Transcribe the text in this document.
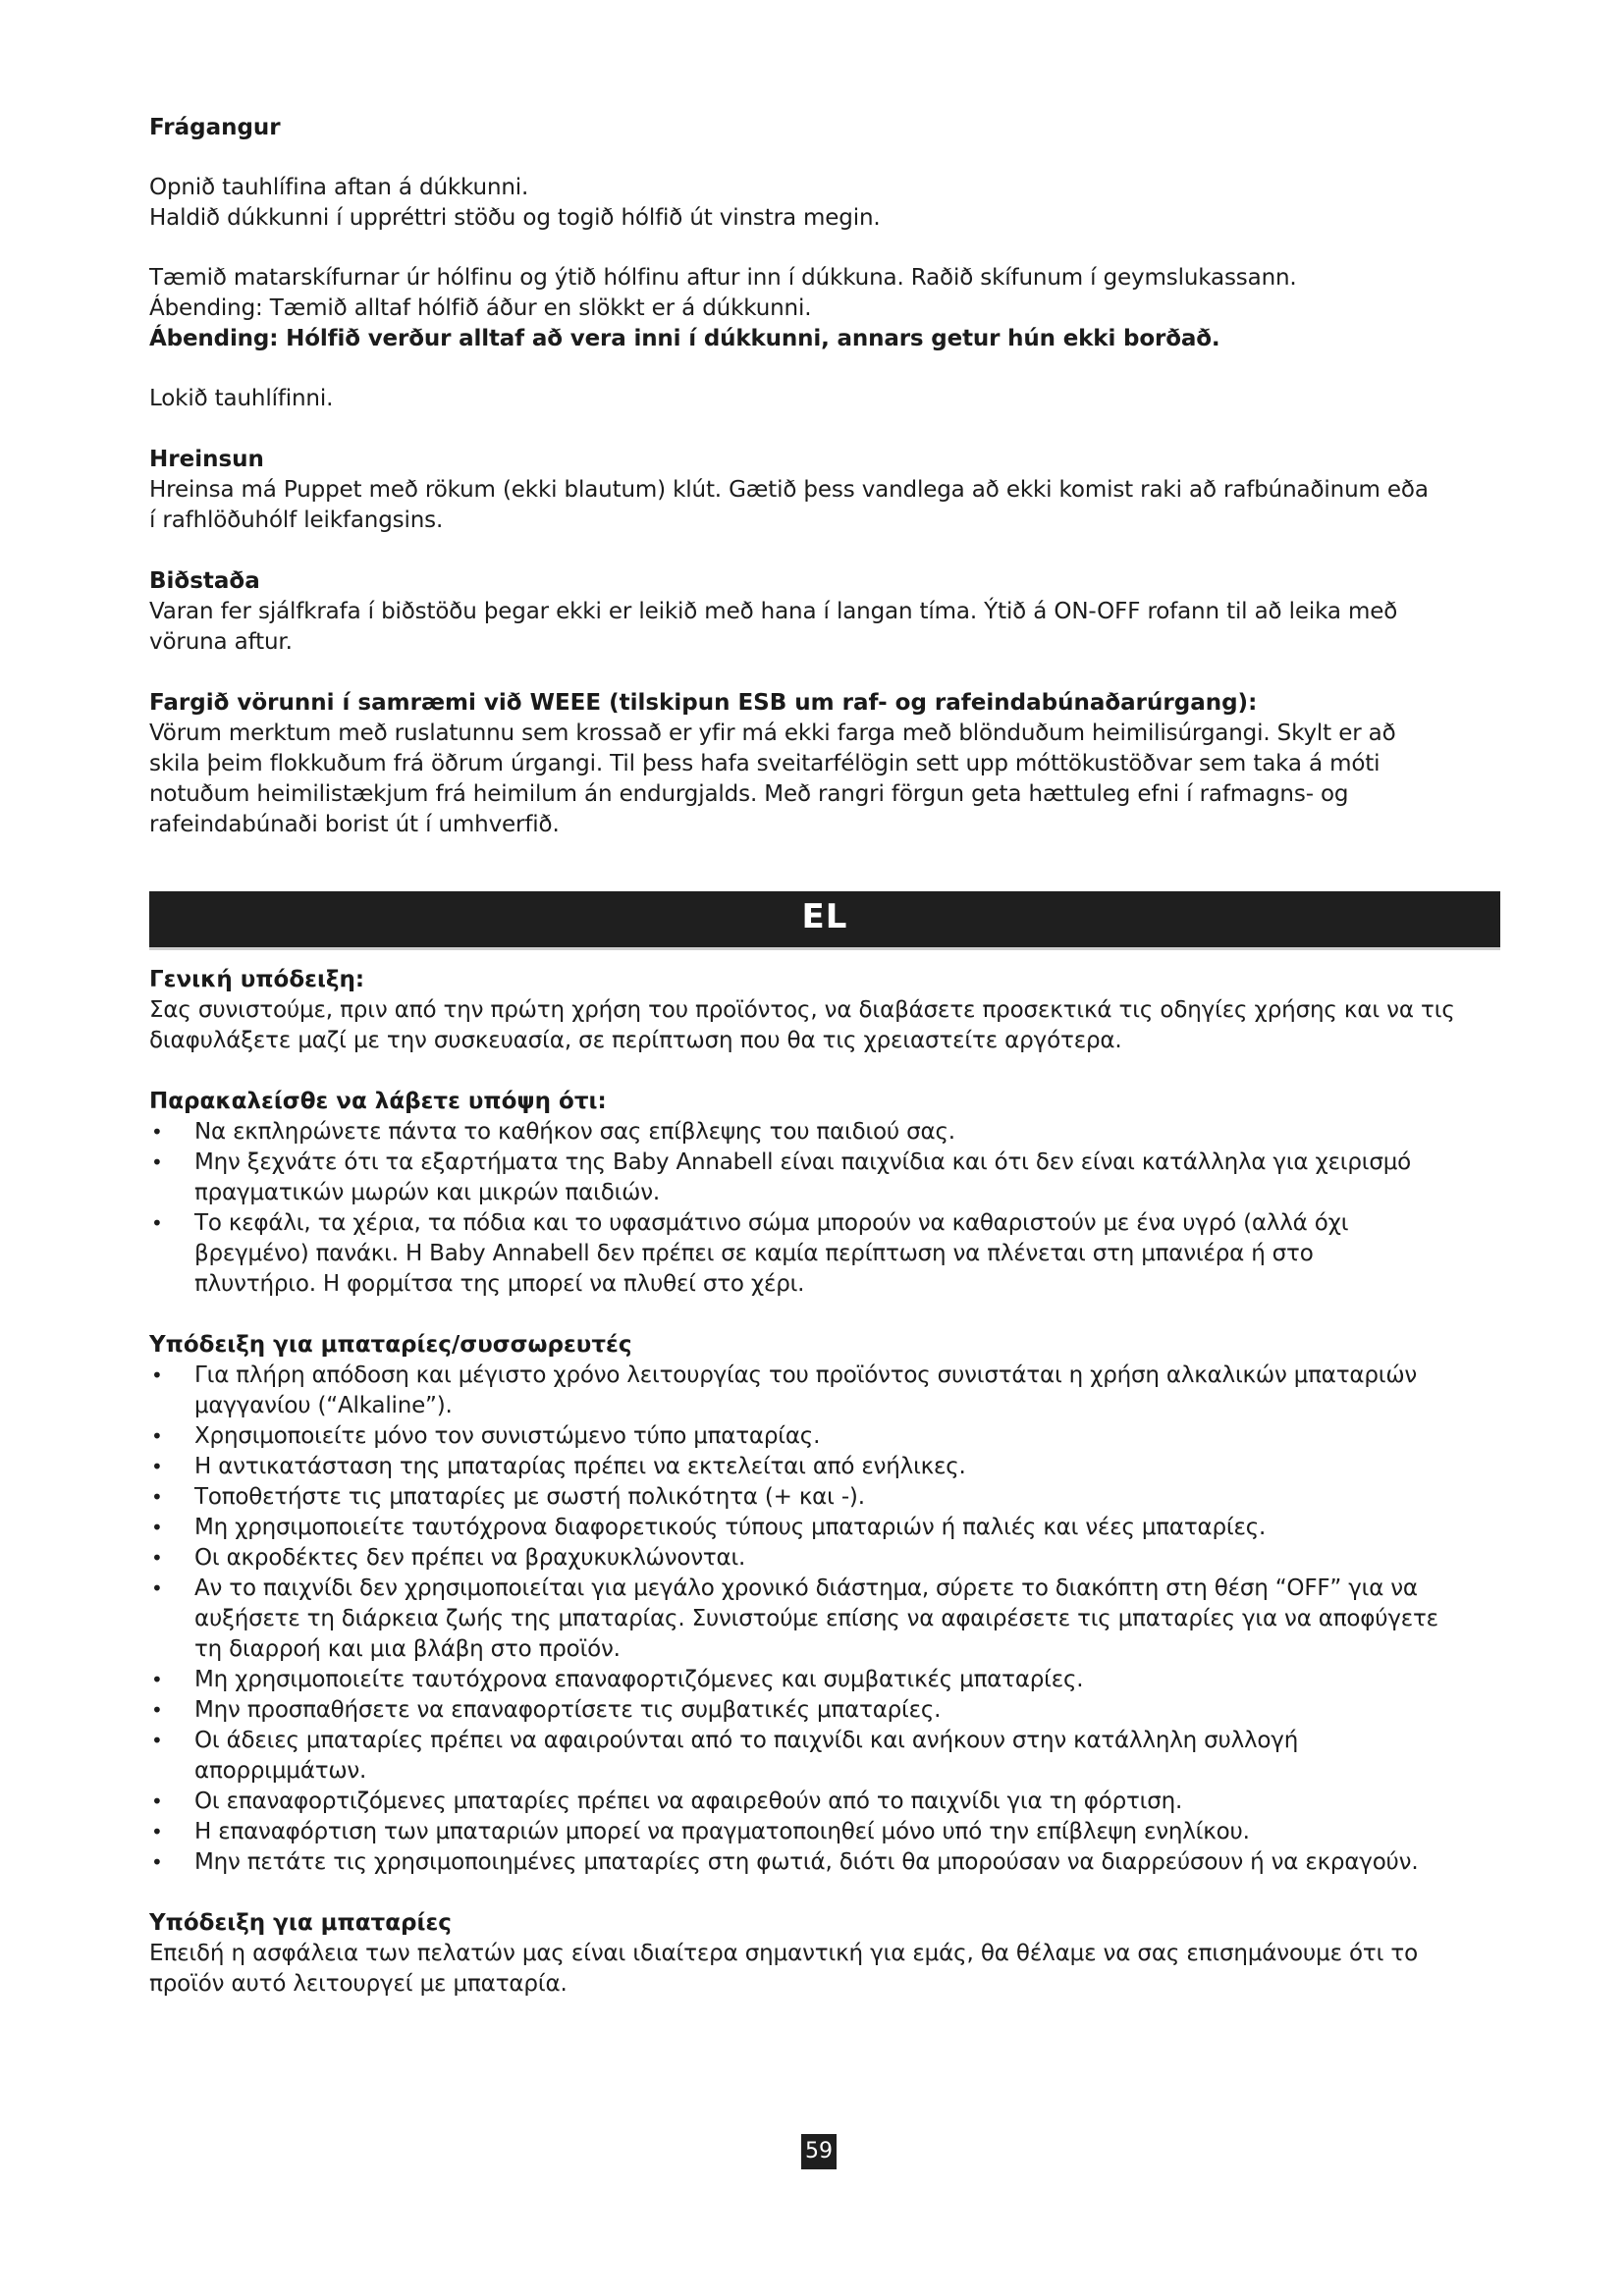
Frágangur

Opnið tauhlífina aftan á dúkkunni.

Haldið dúkkunni í uppréttri stöðu og togið hólfið út vinstra megin.

Tæmið matarskífurnar úr hólfinu og ýtið hólfinu aftur inn í dúkkuna. Raðið skífunum í geymslukassann.

Ábending: Tæmið alltaf hólfið áður en slökkt er á dúkkunni.

Ábending: Hólfið verður alltaf að vera inni í dúkkunni, annars getur hún ekki borðað.

Lokið tauhlífinni.

Hreinsun

Hreinsa má Puppet með rökum (ekki blautum) klút. Gætið þess vandlega að ekki komist raki að rafbúnaðinum eða

í rafhlöðuhólf leikfangsins.

Biðstaða

Varan fer sjálfkrafa í biðstöðu þegar ekki er leikið með hana í langan tíma. Ýtið á ON-OFF rofann til að leika með

vöruna aftur.

Fargið vörunni í samræmi við WEEE (tilskipun ESB um raf- og rafeindabúnaðarúrgang):

Vörum merktum með ruslatunnu sem krossað er yfir má ekki farga með blönduðum heimilisúrgangi. Skylt er að

skila þeim flokkuðum frá öðrum úrgangi. Til þess hafa sveitarfélögin sett upp móttökustöðvar sem taka á móti

notuðum heimilistækjum frá heimilum án endurgjalds. Með rangri förgun geta hættuleg efni í rafmagns- og

rafeindabúnaði borist út í umhverfið.

EL
Γενική υπόδειξη:

Σας συνιστούμε, πριν από την πρώτη χρήση του προϊόντος, να διαβάσετε προσεκτικά τις οδηγίες χρήσης και να τις

διαφυλάξετε μαζί με την συσκευασία, σε περίπτωση που θα τις χρειαστείτε αργότερα.

Παρακαλείσθε να λάβετε υπόψη ότι:
• Να εκπληρώνετε πάντα το καθήκον σας επίβλεψης του παιδιού σας.
• Μην ξεχνάτε ότι τα εξαρτήματα της Baby Annabell είναι παιχνίδια και ότι δεν είναι κατάλληλα για χειρισμό
πραγματικών μωρών και μικρών παιδιών.
• Το κεφάλι, τα χέρια, τα πόδια και το υφασμάτινο σώμα μπορούν να καθαριστούν με ένα υγρό (αλλά όχι
βρεγμένο) πανάκι. Η Baby Annabell δεν πρέπει σε καμία περίπτωση να πλένεται στη μπανιέρα ή στο
πλυντήριο. Η φορμίτσα της μπορεί να πλυθεί στο χέρι.
Υπόδειξη για μπαταρίες/συσσωρευτές
• Για πλήρη απόδοση και μέγιστο χρόνο λειτουργίας του προϊόντος συνιστάται η χρήση αλκαλικών μπαταριών
μαγγανίου (“Alkaline”).
• Χρησιμοποιείτε μόνο τον συνιστώμενο τύπο μπαταρίας.
• Η αντικατάσταση της μπαταρίας πρέπει να εκτελείται από ενήλικες.
• Τοποθετήστε τις μπαταρίες με σωστή πολικότητα (+ και -).
• Μη χρησιμοποιείτε ταυτόχρονα διαφορετικούς τύπους μπαταριών ή παλιές και νέες μπαταρίες.
• Οι ακροδέκτες δεν πρέπει να βραχυκυκλώνονται.
• Αν το παιχνίδι δεν χρησιμοποιείται για μεγάλο χρονικό διάστημα, σύρετε το διακόπτη στη θέση “OFF” για να
αυξήσετε τη διάρκεια ζωής της μπαταρίας. Συνιστούμε επίσης να αφαιρέσετε τις μπαταρίες για να αποφύγετε
τη διαρροή και μια βλάβη στο προϊόν.
• Μη χρησιμοποιείτε ταυτόχρονα επαναφορτιζόμενες και συμβατικές μπαταρίες.
• Μην προσπαθήσετε να επαναφορτίσετε τις συμβατικές μπαταρίες.
• Οι άδειες μπαταρίες πρέπει να αφαιρούνται από το παιχνίδι και ανήκουν στην κατάλληλη συλλογή
απορριμμάτων.
• Οι επαναφορτιζόμενες μπαταρίες πρέπει να αφαιρεθούν από το παιχνίδι για τη φόρτιση.
• Η επαναφόρτιση των μπαταριών μπορεί να πραγματοποιηθεί μόνο υπό την επίβλεψη ενηλίκου.
• Μην πετάτε τις χρησιμοποιημένες μπαταρίες στη φωτιά, διότι θα μπορούσαν να διαρρεύσουν ή να εκραγούν.
Υπόδειξη για μπαταρίες

Επειδή η ασφάλεια των πελατών μας είναι ιδιαίτερα σημαντική για εμάς, θα θέλαμε να σας επισημάνουμε ότι το

προϊόν αυτό λειτουργεί με μπαταρία.

59
